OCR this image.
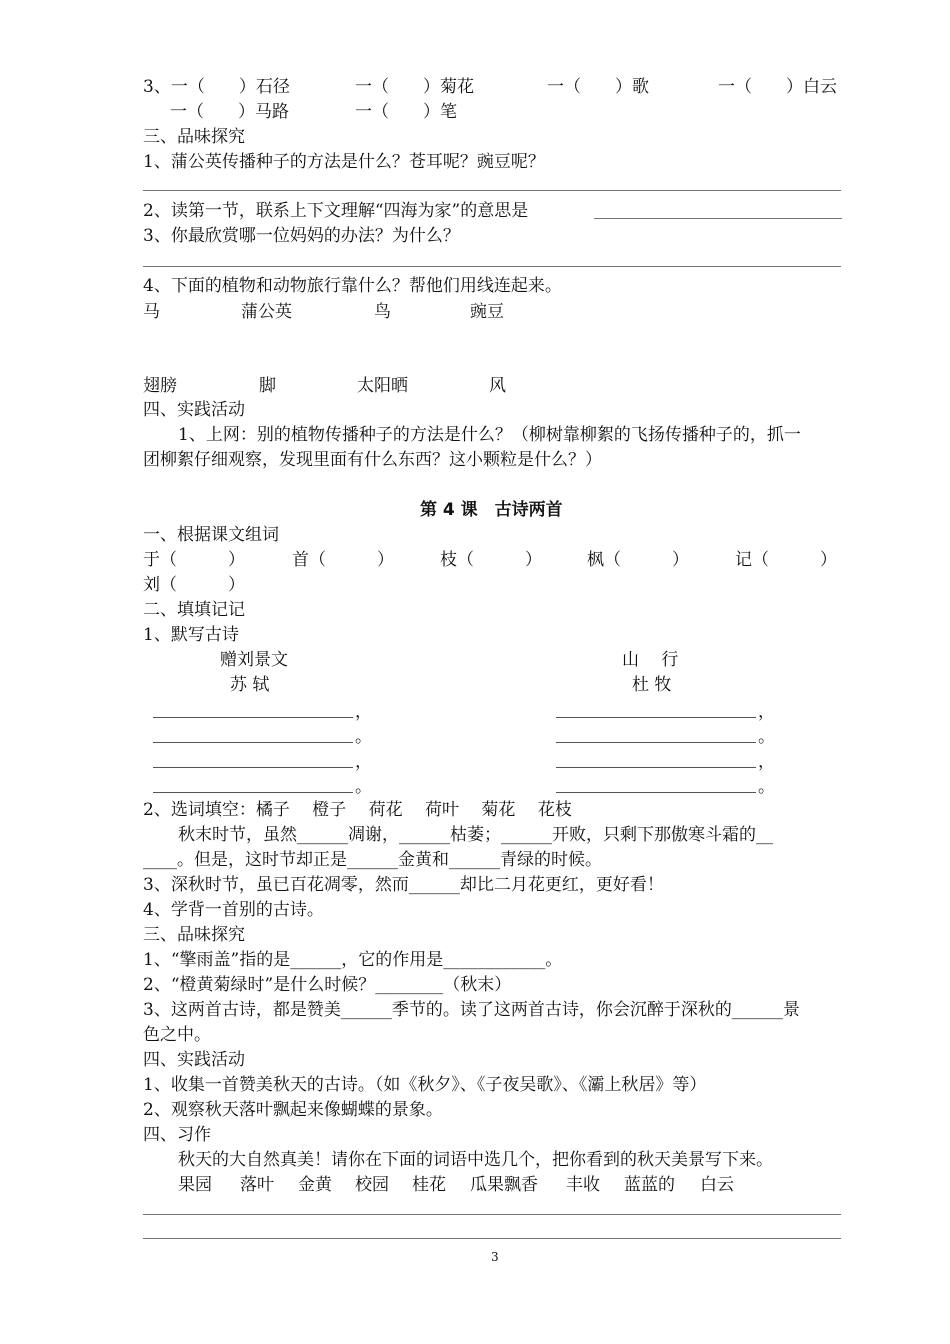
3、一（　　）石径	一（　　）菊花	一（　　）歌	一（　　）白云
一（　　）马路	一（　　）笔
三、品味探究
1、蒲公英传播种子的方法是什么？苍耳呢？豌豆呢？
2、读第一节，联系上下文理解“四海为家”的意思是
3、你最欣赏哪一位妈妈的办法？为什么？
4、下面的植物和动物旅行靠什么？帮他们用线连起来。
马	蒲公英	鸟	豌豆
翅膀	脚	太阳晒	风
四、实践活动
1、上网：别的植物传播种子的方法是什么？（柳树靠柳絮的飞扬传播种子的，抓一
团柳絮仔细观察，发现里面有什么东西？这小颗粒是什么？）
第 4 课　古诗两首
一、根据课文组词
于（　　　）	首（　　　）	枝（　　　）	枫（　　　）	记（　　　）
刘（　　　）
二、填填记记
1、默写古诗
赠刘景文
苏 轼
山　 行
杜 牧
，
。
，
。
，
。
，
。
2、选词填空：橘子　 橙子　 荷花　 荷叶　 菊花　 花枝
秋末时节，虽然______凋谢，______枯萎；______开败，只剩下那傲寒斗霜的__
____。但是，这时节却正是______金黄和______青绿的时候。
3、深秋时节，虽已百花凋零，然而______却比二月花更红，更好看！
4、学背一首别的古诗。
三、品味探究
1、“擎雨盖”指的是______，它的作用是____________。
2、“橙黄菊绿时”是什么时候？________（秋末）
3、这两首古诗，都是赞美______季节的。读了这两首古诗，你会沉醉于深秋的______景
色之中。
四、实践活动
1、收集一首赞美秋天的古诗。（如《秋夕》、《子夜吴歌》、《灞上秋居》等）
2、观察秋天落叶飘起来像蝴蝶的景象。
四、习作
秋天的大自然真美！请你在下面的词语中选几个，把你看到的秋天美景写下来。
果园 落叶 金黄 校园 桂花 瓜果飘香 丰收 蓝蓝的 白云
3
